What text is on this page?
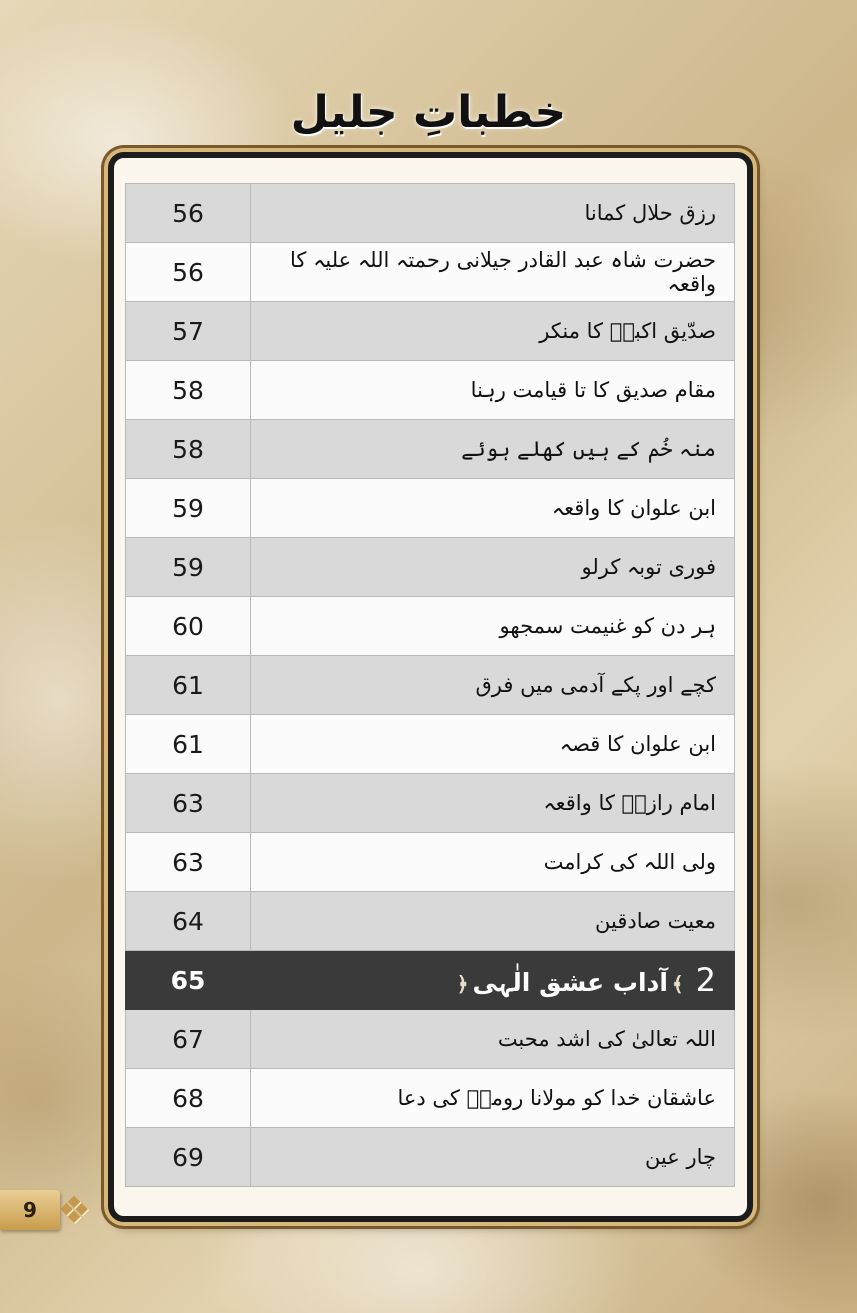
خطباتِ جلیل
56	رزق حلال کمانا
56	حضرت شاہ عبد القادر جیلانی رحمتہ اللہ علیہ کا واقعہ
57	صدّیق اکبرؓ کا منکر
58	مقام صدیق کا تا قیامت رہنا
58	منہ خُم کے ہیں کھلے ہوئے
59	ابن علوان کا واقعہ
59	فوری توبہ کرلو
60	ہر دن کو غنیمت سمجھو
61	کچے اور پکے آدمی میں فرق
61	ابن علوان کا قصہ
63	امام رازیؒ کا واقعہ
63	ولی اللہ کی کرامت
64	معیت صادقین
65	2﴾آداب عشق الٰہی﴿
67	اللہ تعالیٰ کی اشد محبت
68	عاشقان خدا کو مولانا رومیؒ کی دعا
69	چار عین
9 ❖
